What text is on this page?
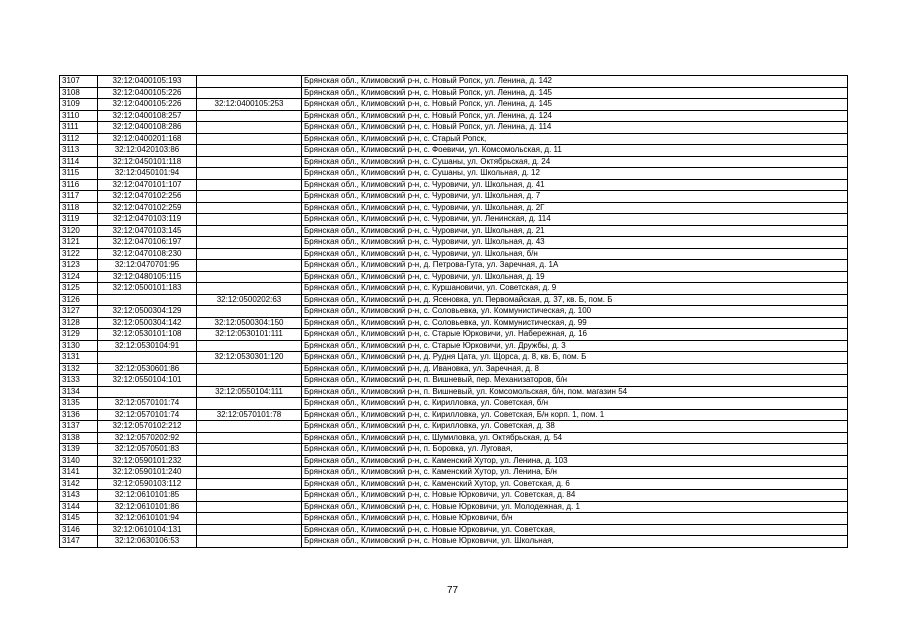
3107	32:12:0400105:193		Брянская обл., Климовский р-н, с. Новый Ропск, ул. Ленина, д. 142
3108	32:12:0400105:226		Брянская обл., Климовский р-н, с. Новый Ропск, ул. Ленина, д. 145
3109	32:12:0400105:226	32:12:0400105:253	Брянская обл., Климовский р-н, с. Новый Ропск, ул. Ленина, д. 145
3110	32:12:0400108:257		Брянская обл., Климовский р-н, с. Новый Ропск, ул. Ленина, д. 124
3111	32:12:0400108:286		Брянская обл., Климовский р-н, с. Новый Ропск, ул. Ленина, д. 114
3112	32:12:0400201:168		Брянская обл., Климовский р-н, с. Старый Ропск,
3113	32:12:0420103:86		Брянская обл., Климовский р-н, с. Фоевичи, ул. Комсомольская, д. 11
3114	32:12:0450101:118		Брянская обл., Климовский р-н, с. Сушаны, ул. Октябрьская, д. 24
3115	32:12:0450101:94		Брянская обл., Климовский р-н, с. Сушаны, ул. Школьная, д. 12
3116	32:12:0470101:107		Брянская обл., Климовский р-н, с. Чуровичи, ул. Школьная, д. 41
3117	32:12:0470102:256		Брянская обл., Климовский р-н, с. Чуровичи, ул. Школьная, д. 7
3118	32:12:0470102:259		Брянская обл., Климовский р-н, с. Чуровичи, ул. Школьная, д. 2Г
3119	32:12:0470103:119		Брянская обл., Климовский р-н, с. Чуровичи, ул. Ленинская, д. 114
3120	32:12:0470103:145		Брянская обл., Климовский р-н, с. Чуровичи, ул. Школьная, д. 21
3121	32:12:0470106:197		Брянская обл., Климовский р-н, с. Чуровичи, ул. Школьная, д. 43
3122	32:12:0470108:230		Брянская обл., Климовский р-н, с. Чуровичи, ул. Школьная, б/н
3123	32:12:0470701:95		Брянская обл., Климовский р-н, д. Петрова-Гута, ул. Заречная, д. 1А
3124	32:12:0480105:115		Брянская обл., Климовский р-н, с. Чуровичи, ул. Школьная, д. 19
3125	32:12:0500101:183		Брянская обл., Климовский р-н, с. Куршановичи, ул. Советская, д. 9
3126		32:12:0500202:63	Брянская обл., Климовский р-н, д. Ясеновка, ул. Первомайская, д. 37, кв. Б, пом. Б
3127	32:12:0500304:129		Брянская обл., Климовский р-н, с. Соловьевка, ул. Коммунистическая, д. 100
3128	32:12:0500304:142	32:12:0500304:150	Брянская обл., Климовский р-н, с. Соловьевка, ул. Коммунистическая, д. 99
3129	32:12:0530101:108	32:12:0530101:111	Брянская обл., Климовский р-н, с. Старые Юрковичи, ул. Набережная, д. 16
3130	32:12:0530104:91		Брянская обл., Климовский р-н, с. Старые Юрковичи, ул. Дружбы, д. 3
3131		32:12:0530301:120	Брянская обл., Климовский р-н, д. Рудня Цата, ул. Щорса, д. 8, кв. Б, пом. Б
3132	32:12:0530601:86		Брянская обл., Климовский р-н, д. Ивановка, ул. Заречная, д. 8
3133	32:12:0550104:101		Брянская обл., Климовский р-н, п. Вишневый, пер. Механизаторов, б/н
3134		32:12:0550104:111	Брянская обл., Климовский р-н, п. Вишневый, ул. Комсомольская, б/н, пом. магазин 54
3135	32:12:0570101:74		Брянская обл., Климовский р-н, с. Кирилловка, ул. Советская, б/н
3136	32:12:0570101:74	32:12:0570101:78	Брянская обл., Климовский р-н, с. Кирилловка, ул. Советская, Б/н корп. 1, пом. 1
3137	32:12:0570102:212		Брянская обл., Климовский р-н, с. Кирилловка, ул. Советская, д. 38
3138	32:12:0570202:92		Брянская обл., Климовский р-н, с. Шумиловка, ул. Октябрьская, д. 54
3139	32:12:0570501:83		Брянская обл., Климовский р-н, п. Боровка, ул. Луговая,
3140	32:12:0590101:232		Брянская обл., Климовский р-н, с. Каменский Хутор, ул. Ленина, д. 103
3141	32:12:0590101:240		Брянская обл., Климовский р-н, с. Каменский Хутор, ул. Ленина, Б/н
3142	32:12:0590103:112		Брянская обл., Климовский р-н, с. Каменский Хутор, ул. Советская, д. 6
3143	32:12:0610101:85		Брянская обл., Климовский р-н, с. Новые Юрковичи, ул. Советская, д. 84
3144	32:12:0610101:86		Брянская обл., Климовский р-н, с. Новые Юрковичи, ул. Молодежная, д. 1
3145	32:12:0610101:94		Брянская обл., Климовский р-н, с. Новые Юрковичи, б/н
3146	32:12:0610104:131		Брянская обл., Климовский р-н, с. Новые Юрковичи, ул. Советская,
3147	32:12:0630106:53		Брянская обл., Климовский р-н, с. Новые Юрковичи, ул. Школьная,
77
